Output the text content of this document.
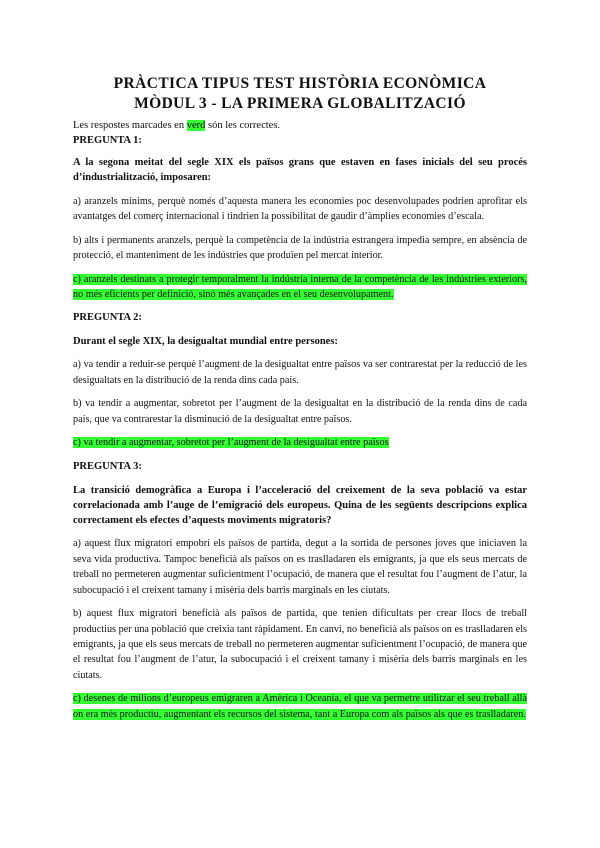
PRÀCTICA TIPUS TEST HISTÒRIA ECONÒMICA
MÒDUL 3 - LA PRIMERA GLOBALITZACIÓ

Les respostes marcades en verd són les correctes.

PREGUNTA 1:

A la segona meitat del segle XIX els països grans que estaven en fases inicials del seu procés d’industrialització, imposaren:

a) aranzels mínims, perquè només d’aquesta manera les economies poc desenvolupades podrien aprofitar els avantatges del comerç internacional i tindrien la possibilitat de gaudir d’àmplies economies d’escala.

b) alts i permanents aranzels, perquè la competència de la indústria estrangera impedia sempre, en absència de protecció, el manteniment de les indústries que produïen pel mercat interior.

c) aranzels destinats a protegir temporalment la indústria interna de la competència de les indústries exteriors, no més eficients per definició, sinó més avançades en el seu desenvolupament.

PREGUNTA 2:

Durant el segle XIX, la desigualtat mundial entre persones:

a) va tendir a reduir-se perquè l’augment de la desigualtat entre països va ser contrarestat per la reducció de les desigualtats en la distribució de la renda dins cada país.

b) va tendir a augmentar, sobretot per l’augment de la desigualtat en la distribució de la renda dins de cada país, que va contrarestar la disminució de la desigualtat entre països.

c) va tendir a augmentar, sobretot per l’augment de la desigualtat entre països

PREGUNTA 3:

La transició demogràfica a Europa i l’acceleració del creixement de la seva població va estar correlacionada amb l’auge de l’emigració dels europeus. Quina de les següents descripcions explica correctament els efectes d’aquests moviments migratoris?

a) aquest flux migratori empobrí els països de partida, degut a la sortida de persones joves que iniciaven la seva vida productiva. Tampoc benefi​cià als països on es traslladaren els emigrants, ja que els seus mercats de treball no permeteren augmentar suficientment l’ocupació, de manera que el resultat fou l’augment de l’atur, la subocupació i el creixent tamany i misèria dels barris marginals en les ciutats.

b) aquest flux migratori benefi​cià als països de partida, que tenien dificultats per crear llocs de treball productius per una població que creixia tant ràpidament. En canvi, no benefi​cià als països on es traslladaren els emigrants, ja que els seus mercats de treball no permeteren augmentar suficientment l’ocupació, de manera que el resultat fou l’augment de l’atur, la subocupació i el creixent tamany i misèria dels barris marginals en les ciutats.

c) desenes de milions d’europeus emigraren a Amèrica i Oceania, el que va permetre utilitzar el seu treball allà on era més productiu, augmentant els recursos del sistema, tant a Europa com als països als que es traslladaren.
